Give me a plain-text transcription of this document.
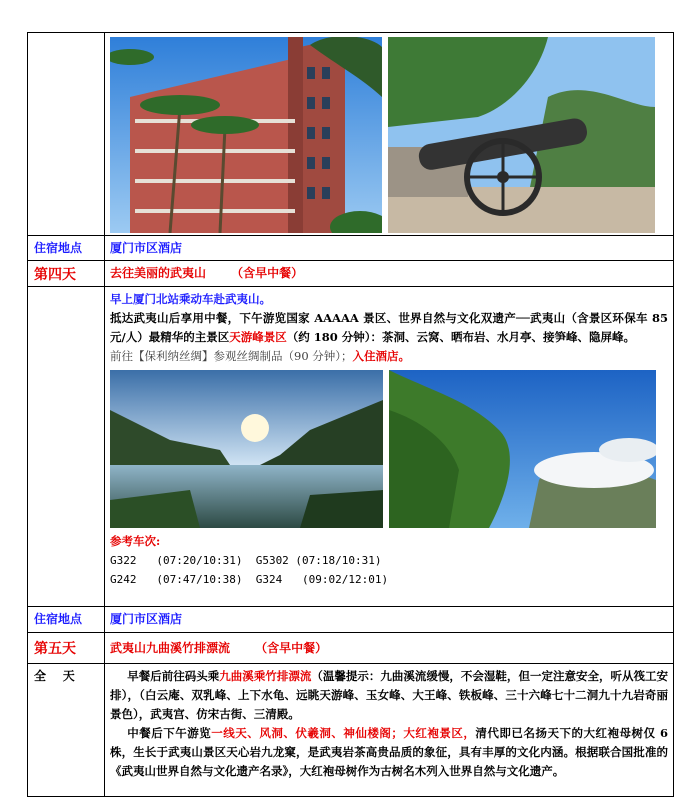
住宿地点	厦门市区酒店
第四天	去往美丽的武夷山      （含早中餐）

早上厦门北站乘动车赴武夷山。

抵达武夷山后享用中餐，下午游览国家 AAAAA 景区、世界自然与文化双遗产──武夷山（含景区环保车 85 元/人）最精华的主景区天游峰景区（约 180 分钟）：茶洞、云窝、晒布岩、水月亭、接笋峰、隐屏峰。

前往【保利纳丝绸】参观丝绸制品（90 分钟）；入住酒店。

参考车次:

G322   (07:20/10:31)  G5302 (07:18/10:31)

G242   (07:47/10:38)  G324   (09:02/12:01)

住宿地点	厦门市区酒店
第五天	武夷山九曲溪竹排漂流      （含早中餐）
全    天	早餐后前往码头乘九曲溪乘竹排漂流（温馨提示：九曲溪流缓慢，不会湿鞋，但一定注意安全，听从筏工安排），（白云庵、双乳峰、上下水龟、远眺天游峰、玉女峰、大王峰、铁板峰、三十六峰七十二洞九十九岩奇丽景色），武夷宫、仿宋古街、三清殿。

中餐后下午游览一线天、风洞、伏羲洞、神仙楼阁；大红袍景区，清代即已名扬天下的大红袍母树仅 6 株，生长于武夷山景区天心岩九龙窠，是武夷岩茶高贵品质的象征，具有丰厚的文化内涵。根据联合国批准的《武夷山世界自然与文化遗产名录》，大红袍母树作为古树名木列入世界自然与文化遗产。
